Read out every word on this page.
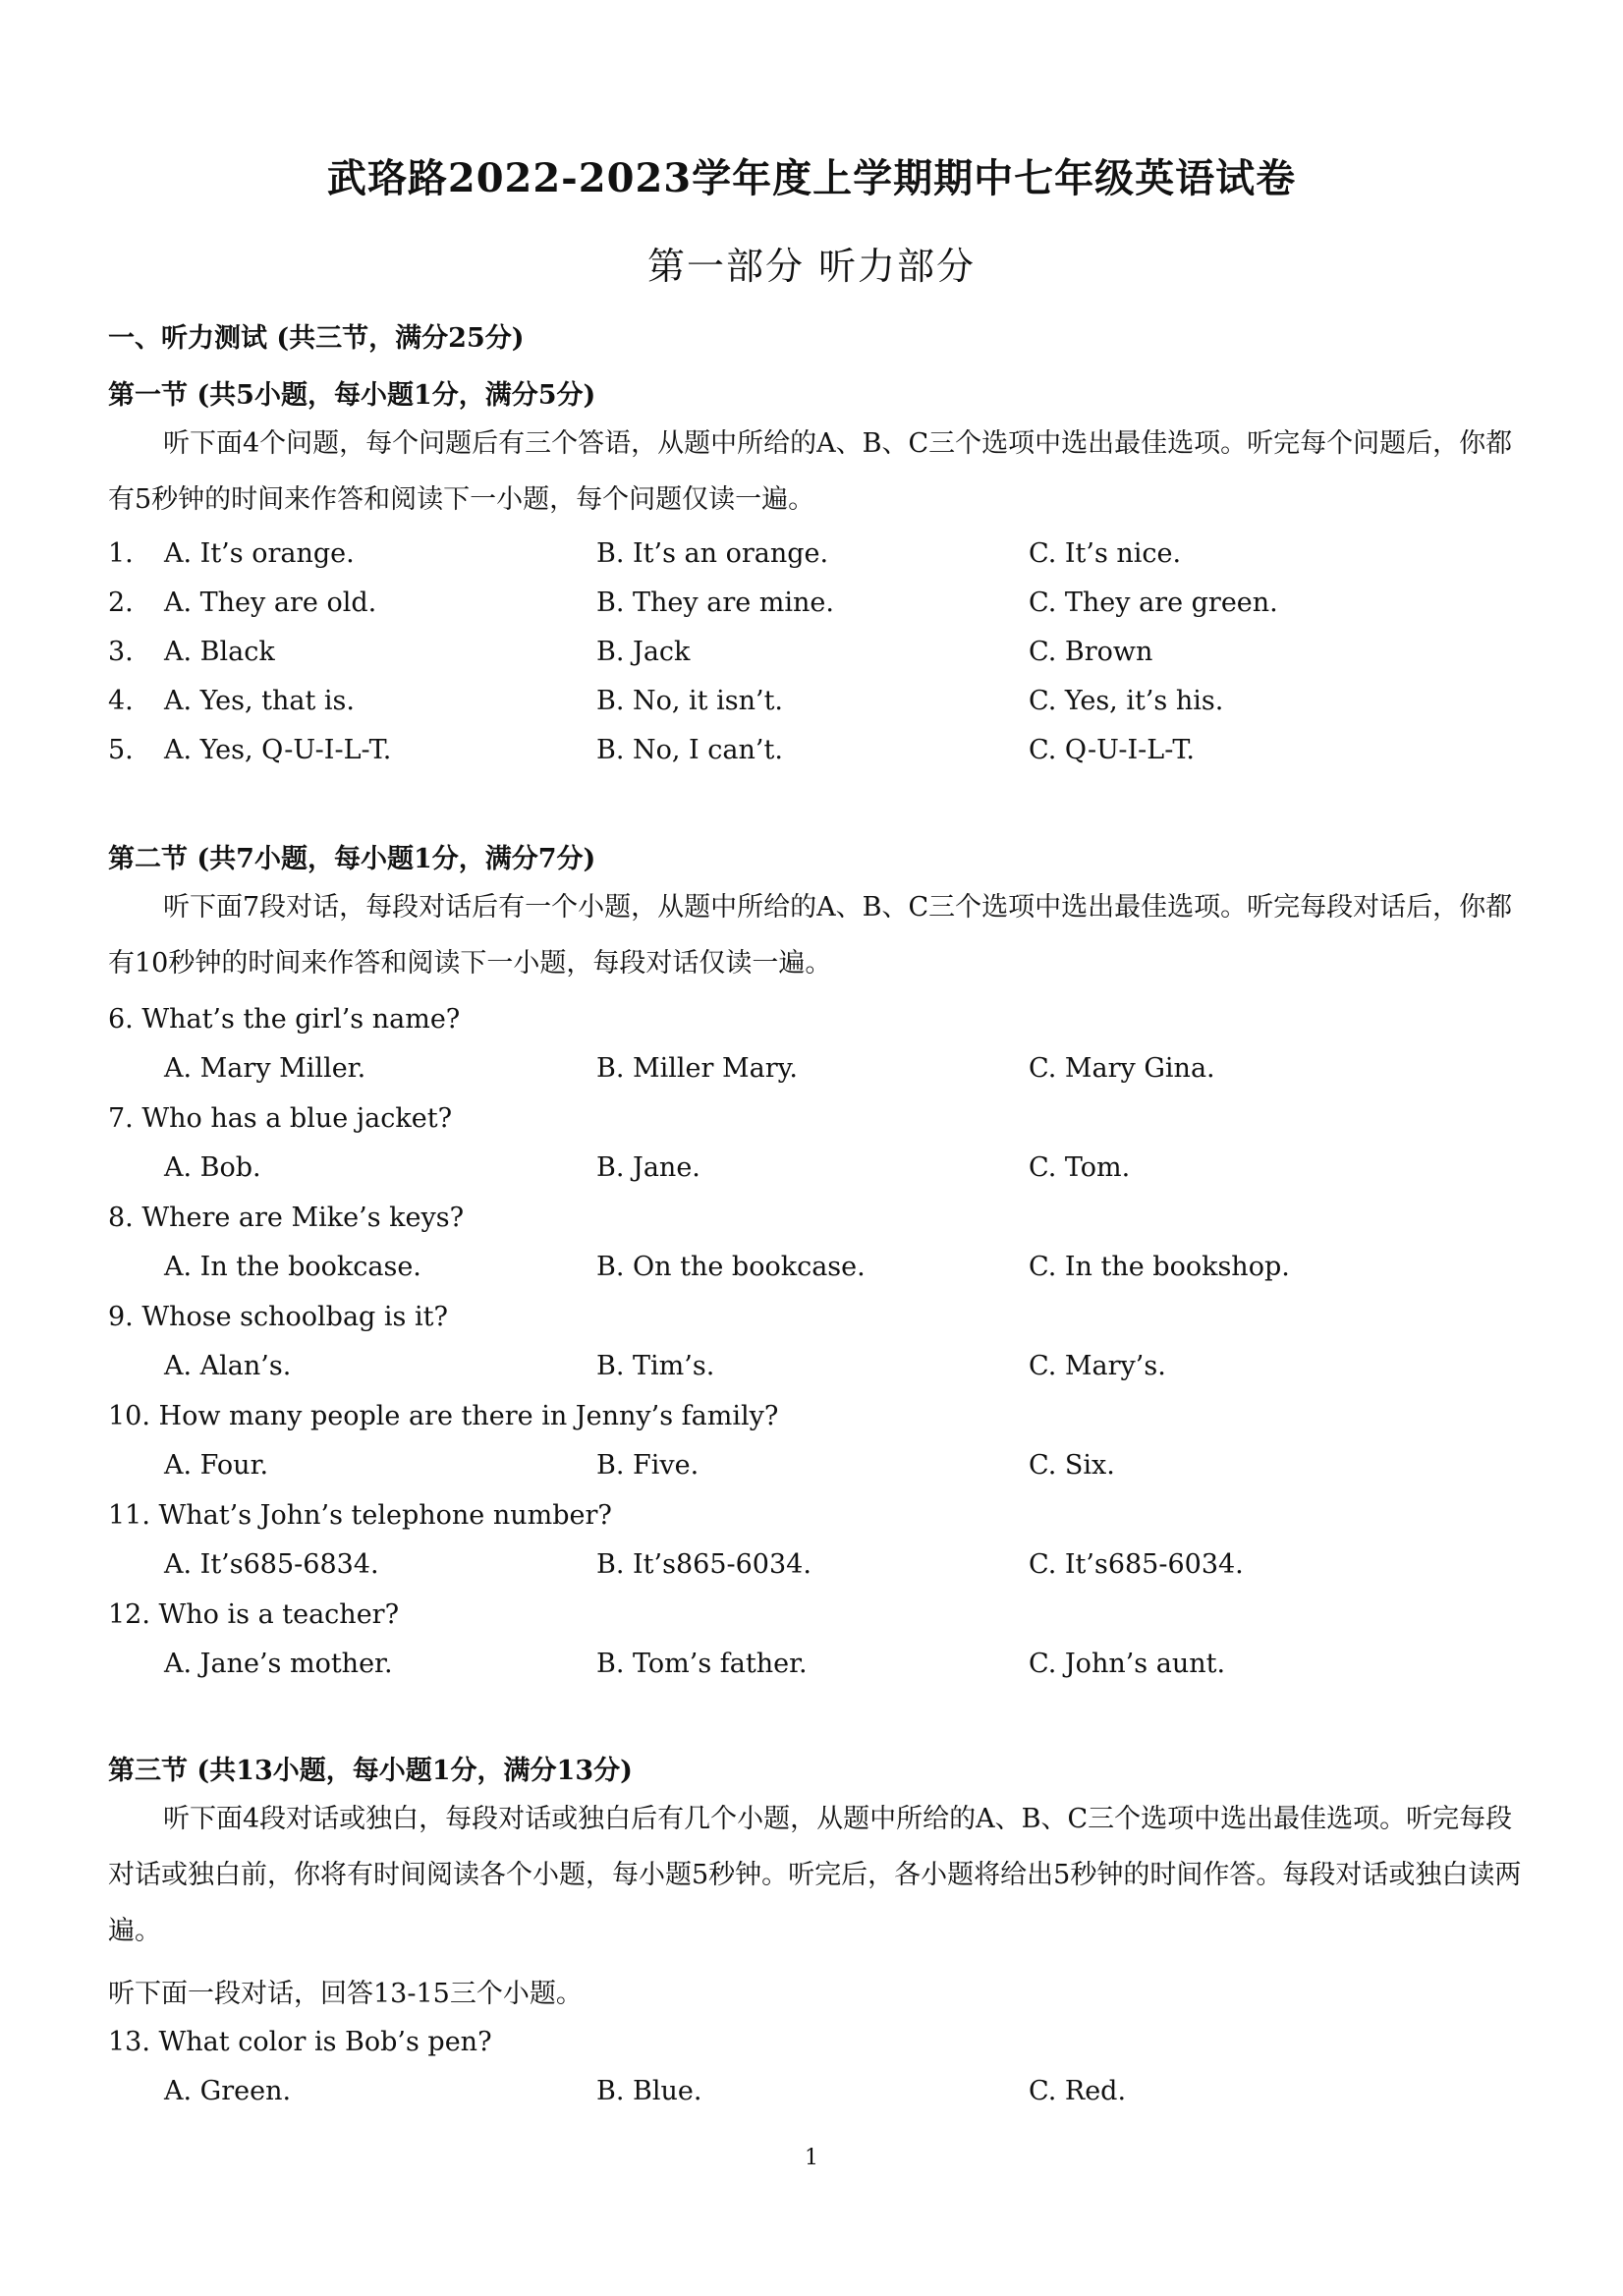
武珞路2022-2023学年度上学期期中七年级英语试卷
第一部分 听力部分
一、听力测试 (共三节，满分25分)
第一节 (共5小题，每小题1分，满分5分)
听下面4个问题，每个问题后有三个答语，从题中所给的A、B、C三个选项中选出最佳选项。听完每个问题后，你都有5秒钟的时间来作答和阅读下一小题，每个问题仅读一遍。
1. A. It’s orange.	B. It’s an orange.	C. It’s nice.
2. A. They are old.	B. They are mine.	C. They are green.
3. A. Black	B. Jack	C. Brown
4. A. Yes, that is.	B. No, it isn’t.	C. Yes, it’s his.
5. A. Yes, Q-U-I-L-T.	B. No, I can’t.	C. Q-U-I-L-T.
第二节 (共7小题，每小题1分，满分7分)
听下面7段对话，每段对话后有一个小题，从题中所给的A、B、C三个选项中选出最佳选项。听完每段对话后，你都有10秒钟的时间来作答和阅读下一小题，每段对话仅读一遍。
6. What’s the girl’s name?
A. Mary Miller.	B. Miller Mary.	C. Mary Gina.
7. Who has a blue jacket?
A. Bob.	B. Jane.	C. Tom.
8. Where are Mike’s keys?
A. In the bookcase.	B. On the bookcase.	C. In the bookshop.
9. Whose schoolbag is it?
A. Alan’s.	B. Tim’s.	C. Mary’s.
10. How many people are there in Jenny’s family?
A. Four.	B. Five.	C. Six.
11. What’s John’s telephone number?
A. It’s685-6834.	B. It’s865-6034.	C. It’s685-6034.
12. Who is a teacher?
A. Jane’s mother.	B. Tom’s father.	C. John’s aunt.
第三节 (共13小题，每小题1分，满分13分)
听下面4段对话或独白，每段对话或独白后有几个小题，从题中所给的A、B、C三个选项中选出最佳选项。听完每段对话或独白前，你将有时间阅读各个小题，每小题5秒钟。听完后，各小题将给出5秒钟的时间作答。每段对话或独白读两遍。
听下面一段对话，回答13-15三个小题。
13. What color is Bob’s pen?
A. Green.	B. Blue.	C. Red.
1
